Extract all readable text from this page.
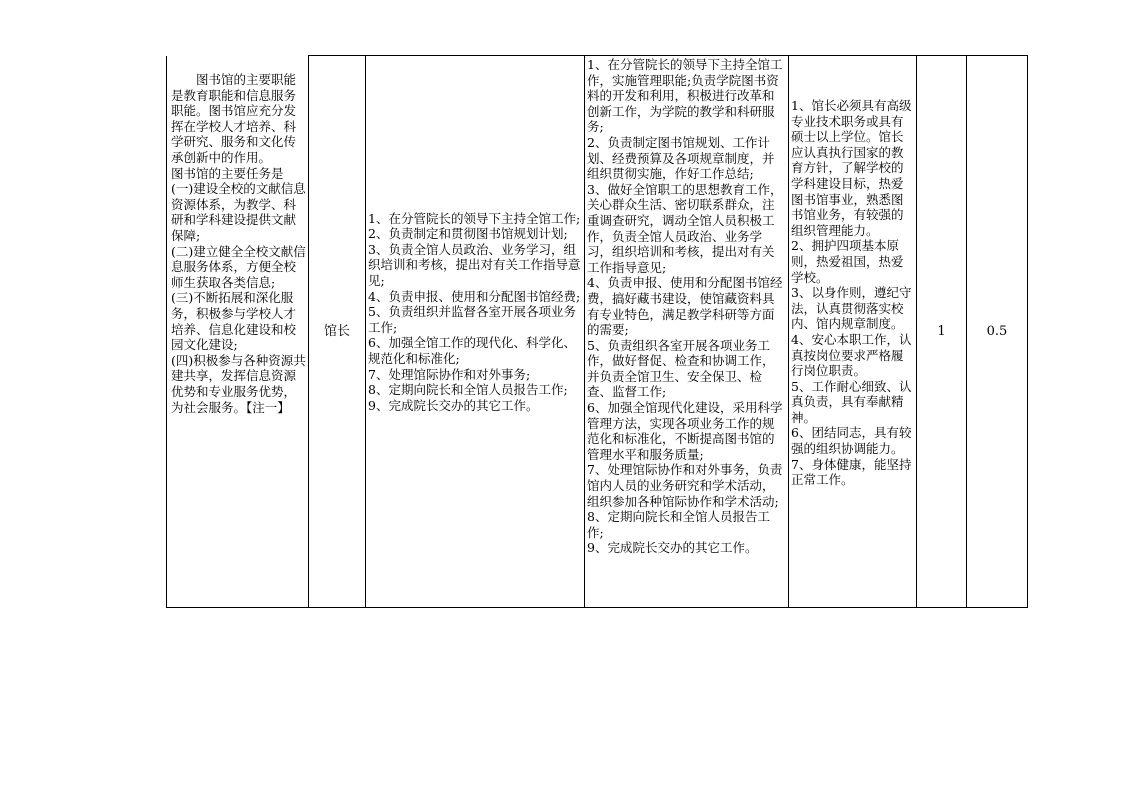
图书馆的主要职能是教育职能和信息服务职能。图书馆应充分发挥在学校人才培养、科学研究、服务和文化传承创新中的作用。
图书馆的主要任务是
(一)建设全校的文献信息资源体系，为教学、科研和学科建设提供文献保障;
(二)建立健全全校文献信息服务体系，方便全校师生获取各类信息;
(三)不断拓展和深化服务，积极参与学校人才培养、信息化建设和校园文化建设;
(四)积极参与各种资源共建共享，发挥信息资源优势和专业服务优势，为社会服务。【注一】

	馆长	1、在分管院长的领导下主持全馆工作;
2、负责制定和贯彻图书馆规划计划;
3、负责全馆人员政治、业务学习，组织培训和考核，提出对有关工作指导意见;
4、负责申报、使用和分配图书馆经费;
5、负责组织并监督各室开展各项业务工作;
6、加强全馆工作的现代化、科学化、规范化和标准化;
7、处理馆际协作和对外事务;
8、定期向院长和全馆人员报告工作;
9、完成院长交办的其它工作。	1、在分管院长的领导下主持全馆工作，实施管理职能;负责学院图书资料的开发和利用，积极进行改革和创新工作，为学院的教学和科研服务;
2、负责制定图书馆规划、工作计划、经费预算及各项规章制度，并组织贯彻实施，作好工作总结;
3、做好全馆职工的思想教育工作，关心群众生活、密切联系群众，注重调查研究，调动全馆人员积极工作，负责全馆人员政治、业务学习，组织培训和考核，提出对有关工作指导意见;
4、负责申报、使用和分配图书馆经费，搞好藏书建设，使馆藏资料具有专业特色，满足教学科研等方面的需要;
5、负责组织各室开展各项业务工作，做好督促、检查和协调工作，并负责全馆卫生、安全保卫、检查、监督工作;
6、加强全馆现代化建设，采用科学管理方法，实现各项业务工作的规范化和标准化，不断提高图书馆的管理水平和服务质量;
7、处理馆际协作和对外事务，负责馆内人员的业务研究和学术活动，组织参加各种馆际协作和学术活动;
8、定期向院长和全馆人员报告工作;
9、完成院长交办的其它工作。	1、馆长必须具有高级专业技术职务或具有硕士以上学位。馆长应认真执行国家的教育方针，了解学校的学科建设目标，热爱图书馆事业，熟悉图书馆业务，有较强的组织管理能力。
2、拥护四项基本原则，热爱祖国，热爱学校。
3、以身作则，遵纪守法，认真贯彻落实校内、馆内规章制度。
4、安心本职工作，认真按岗位要求严格履行岗位职责。
5、工作耐心细致、认真负责，具有奉献精神。
6、团结同志，具有较强的组织协调能力。
7、身体健康，能坚持正常工作。	1	0.5
